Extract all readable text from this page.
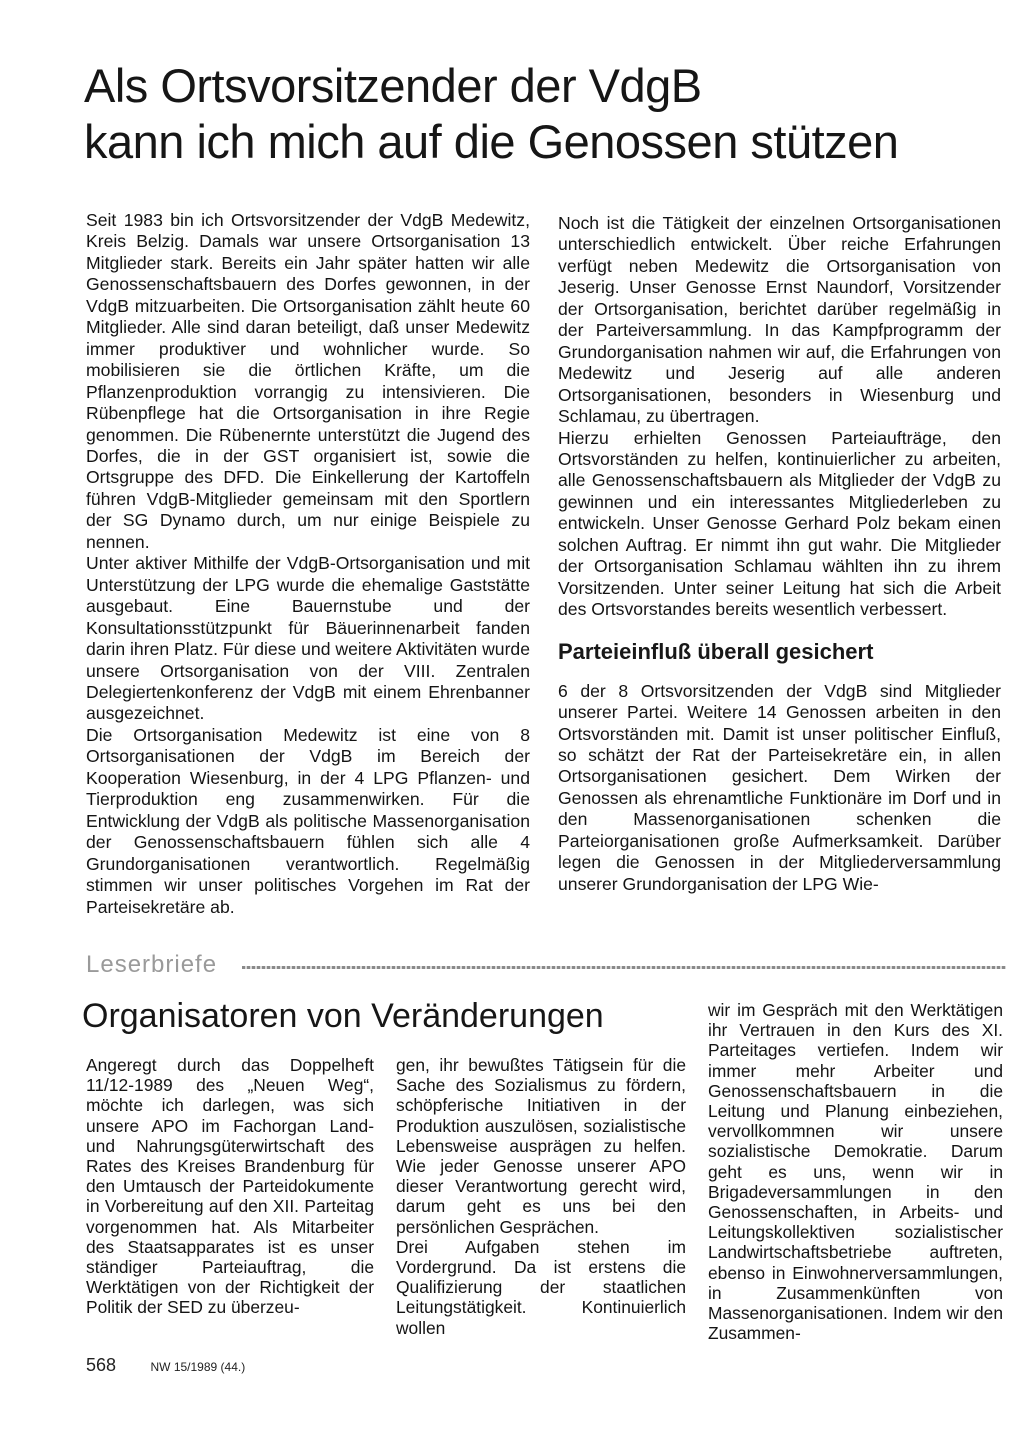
Als Ortsvorsitzender der VdgB
kann ich mich auf die Genossen stützen

Seit 1983 bin ich Ortsvorsitzender der VdgB Medewitz, Kreis Belzig. Damals war unsere Ortsorganisation 13 Mitglieder stark. Bereits ein Jahr später hatten wir alle Genossenschaftsbauern des Dorfes gewonnen, in der VdgB mitzuarbeiten. Die Ortsorganisation zählt heute 60 Mitglieder. Alle sind daran beteiligt, daß unser Medewitz immer produktiver und wohnlicher wurde. So mobilisieren sie die örtlichen Kräfte, um die Pflanzenproduktion vorrangig zu intensivieren. Die Rübenpflege hat die Ortsorganisation in ihre Regie genommen. Die Rübenernte unterstützt die Jugend des Dorfes, die in der GST organisiert ist, sowie die Ortsgruppe des DFD. Die Einkellerung der Kartoffeln führen VdgB-Mitglieder gemeinsam mit den Sportlern der SG Dynamo durch, um nur einige Beispiele zu nennen.

Unter aktiver Mithilfe der VdgB-Ortsorganisation und mit Unterstützung der LPG wurde die ehemalige Gaststätte ausgebaut. Eine Bauernstube und der Konsultationsstützpunkt für Bäuerinnenarbeit fanden darin ihren Platz. Für diese und weitere Aktivitäten wurde unsere Ortsorganisation von der VIII. Zentralen Delegiertenkonferenz der VdgB mit einem Ehrenbanner ausgezeichnet.

Die Ortsorganisation Medewitz ist eine von 8 Ortsorganisationen der VdgB im Bereich der Kooperation Wiesenburg, in der 4 LPG Pflanzen- und Tierproduktion eng zusammenwirken. Für die Entwicklung der VdgB als politische Massenorganisation der Genossenschaftsbauern fühlen sich alle 4 Grundorganisationen verantwortlich. Regelmäßig stimmen wir unser politisches Vorgehen im Rat der Parteisekretäre ab.

Noch ist die Tätigkeit der einzelnen Ortsorganisationen unterschiedlich entwickelt. Über reiche Erfahrungen verfügt neben Medewitz die Ortsorganisation von Jeserig. Unser Genosse Ernst Naundorf, Vorsitzender der Ortsorganisation, berichtet darüber regelmäßig in der Parteiversammlung. In das Kampfprogramm der Grundorganisation nahmen wir auf, die Erfahrungen von Medewitz und Jeserig auf alle anderen Ortsorganisationen, besonders in Wiesenburg und Schlamau, zu übertragen.

Hierzu erhielten Genossen Parteiaufträge, den Ortsvorständen zu helfen, kontinuierlicher zu arbeiten, alle Genossenschaftsbauern als Mitglieder der VdgB zu gewinnen und ein interessantes Mitgliederleben zu entwickeln. Unser Genosse Gerhard Polz bekam einen solchen Auftrag. Er nimmt ihn gut wahr. Die Mitglieder der Ortsorganisation Schlamau wählten ihn zu ihrem Vorsitzenden. Unter seiner Leitung hat sich die Arbeit des Ortsvorstandes bereits wesentlich verbessert.

Parteieinfluß überall gesichert

6 der 8 Ortsvorsitzenden der VdgB sind Mitglieder unserer Partei. Weitere 14 Genossen arbeiten in den Ortsvorständen mit. Damit ist unser politischer Einfluß, so schätzt der Rat der Parteisekretäre ein, in allen Ortsorganisationen gesichert. Dem Wirken der Genossen als ehrenamtliche Funktionäre im Dorf und in den Massenorganisationen schenken die Parteiorganisationen große Aufmerksamkeit. Darüber legen die Genossen in der Mitgliederversammlung unserer Grundorganisation der LPG Wie-

Leserbriefe
Organisatoren von Veränderungen

Angeregt durch das Doppelheft 11/12-1989 des „Neuen Weg“, möchte ich darlegen, was sich unsere APO im Fachorgan Land- und Nahrungsgüterwirtschaft des Rates des Kreises Brandenburg für den Umtausch der Parteidokumente in Vorbereitung auf den XII. Parteitag vorgenommen hat. Als Mitarbeiter des Staatsapparates ist es unser ständiger Parteiauftrag, die Werktätigen von der Richtigkeit der Politik der SED zu überzeu-

gen, ihr bewußtes Tätigsein für die Sache des Sozialismus zu fördern, schöpferische Initiativen in der Produktion auszulösen, sozialistische Lebensweise ausprägen zu helfen. Wie jeder Genosse unserer APO dieser Verantwortung gerecht wird, darum geht es uns bei den persönlichen Gesprächen.

Drei Aufgaben stehen im Vordergrund. Da ist erstens die Qualifizierung der staatlichen Leitungstätigkeit. Kontinuierlich wollen

wir im Gespräch mit den Werktätigen ihr Vertrauen in den Kurs des XI. Parteitages vertiefen. Indem wir immer mehr Arbeiter und Genossenschaftsbauern in die Leitung und Planung einbeziehen, vervollkommnen wir unsere sozialistische Demokratie. Darum geht es uns, wenn wir in Brigadeversammlungen in den Genossenschaften, in Arbeits- und Leitungskollektiven sozialistischer Landwirtschaftsbetriebe auftreten, ebenso in Einwohnerversammlungen, in Zusammenkünften von Massenorganisationen. Indem wir den Zusammen-

568	NW 15/1989 (44.)
